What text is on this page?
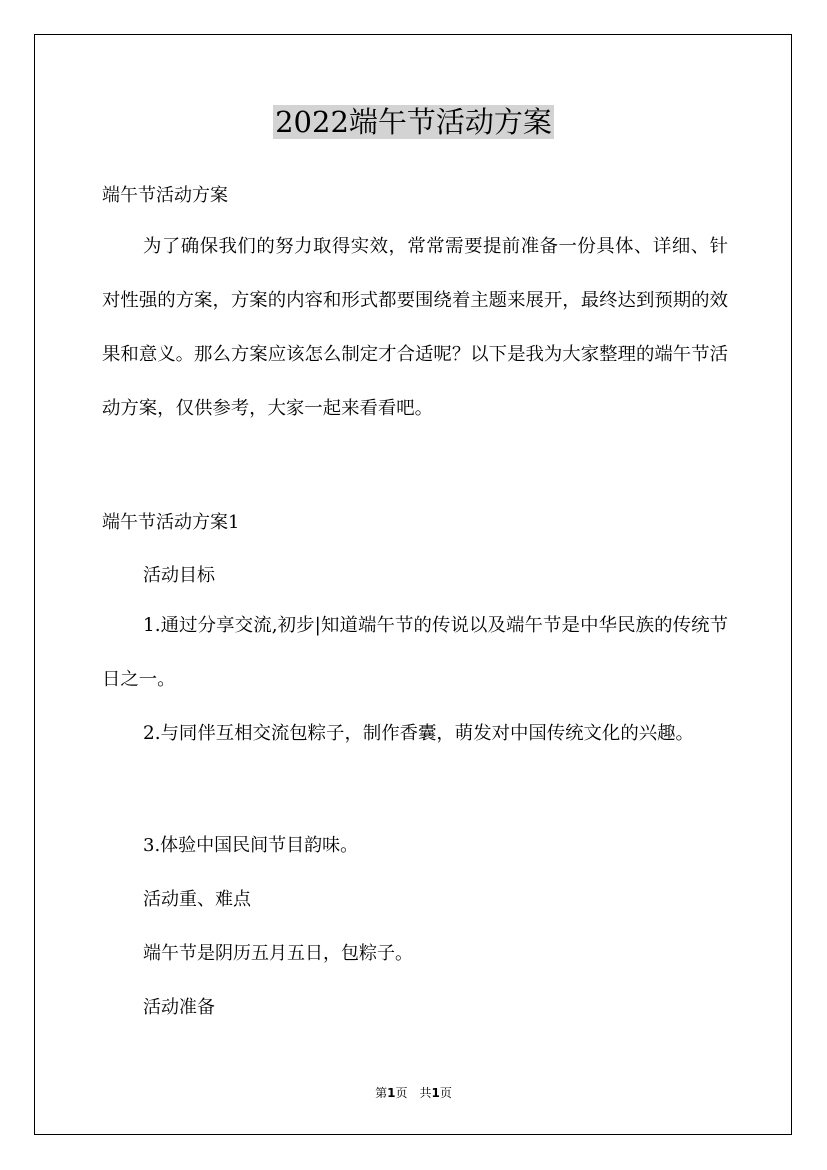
2022端午节活动方案
端午节活动方案
为了确保我们的努力取得实效，常常需要提前准备一份具体、详细、针对性强的方案，方案的内容和形式都要围绕着主题来展开，最终达到预期的效果和意义。那么方案应该怎么制定才合适呢？以下是我为大家整理的端午节活动方案，仅供参考，大家一起来看看吧。
端午节活动方案1
活动目标
1.通过分享交流,初步|知道端午节的传说以及端午节是中华民族的传统节日之一。
2.与同伴互相交流包粽子，制作香囊，萌发对中国传统文化的兴趣。
3.体验中国民间节目韵味。
活动重、难点
端午节是阴历五月五日，包粽子。
活动准备
第1页　共1页
